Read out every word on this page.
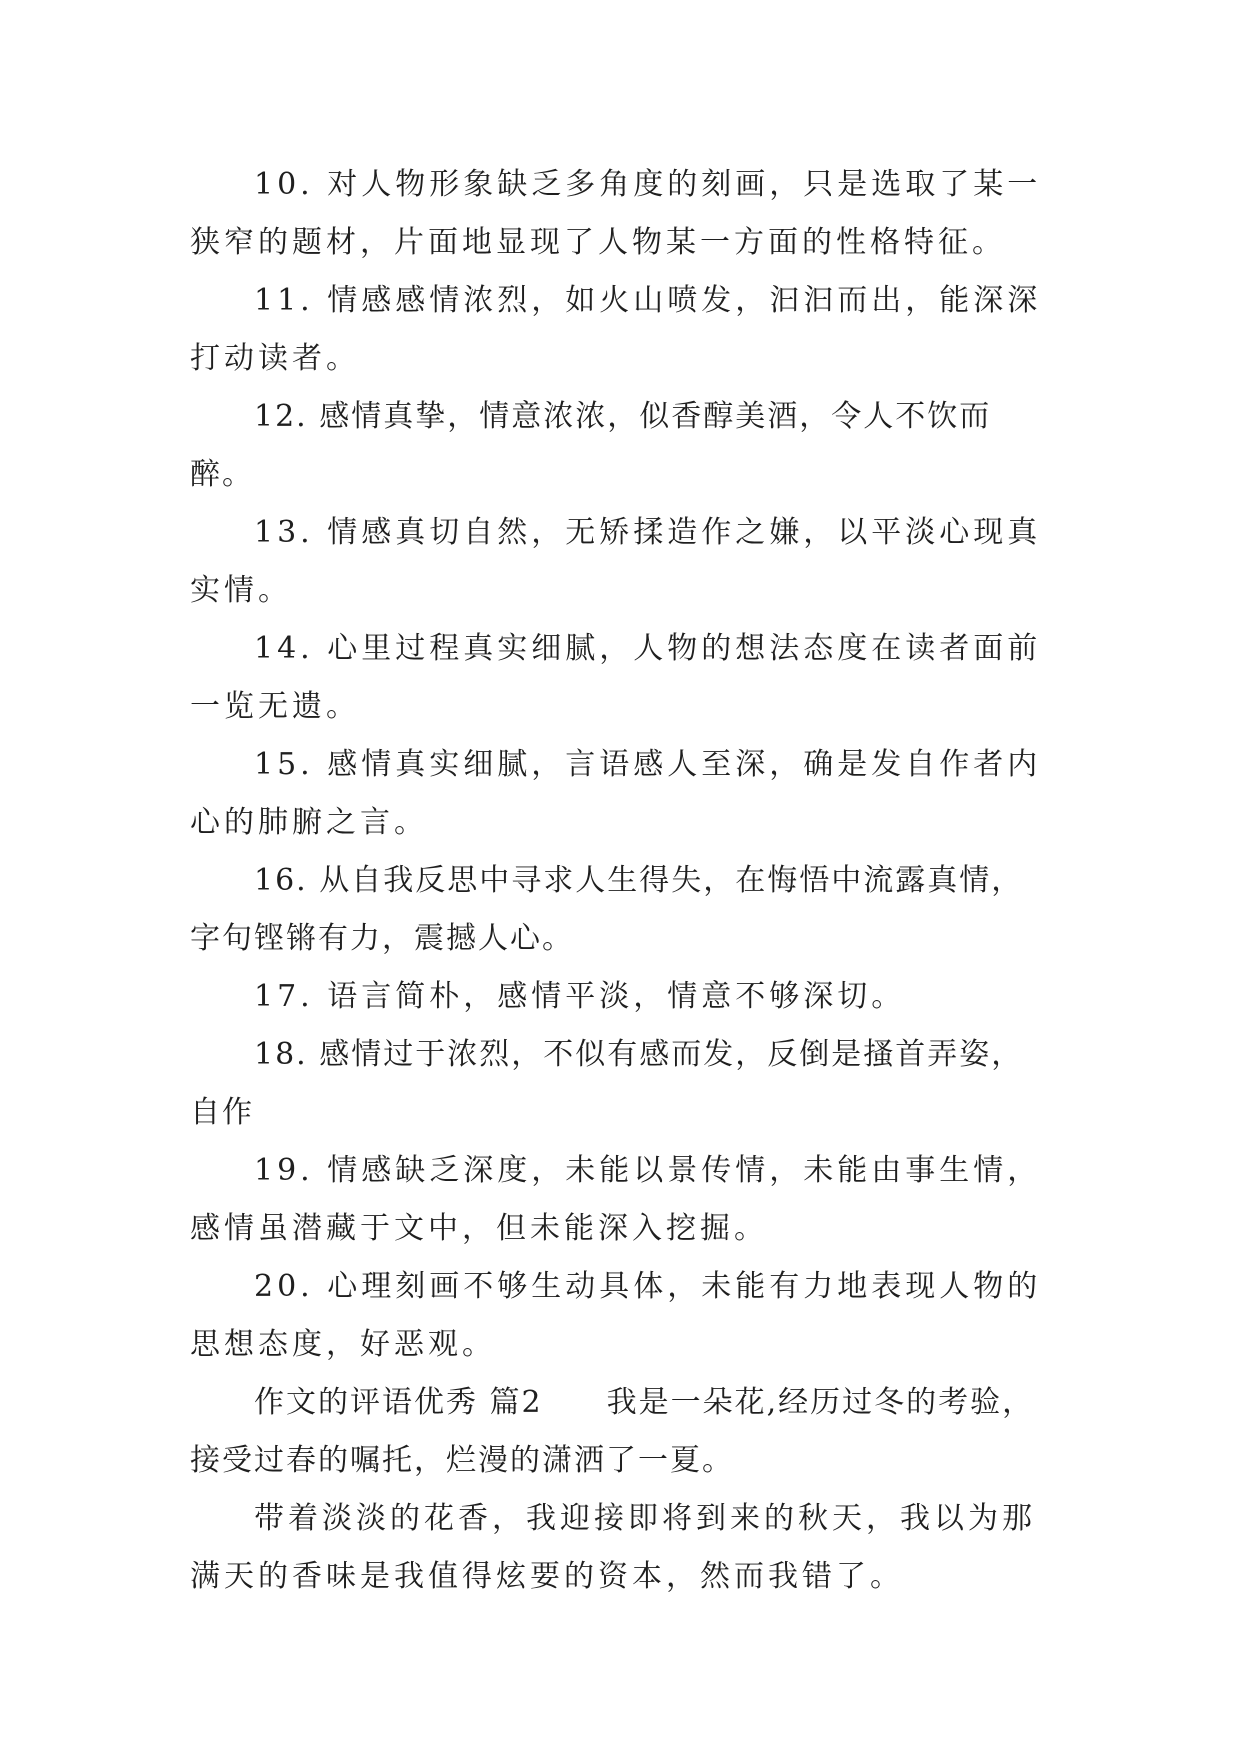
10. 对人物形象缺乏多角度的刻画，只是选取了某一狭窄的题材，片面地显现了人物某一方面的性格特征。

11. 情感感情浓烈，如火山喷发，汩汩而出，能深深打动读者。

12. 感情真挚，情意浓浓，似香醇美酒，令人不饮而醉。

13. 情感真切自然，无矫揉造作之嫌，以平淡心现真实情。

14. 心里过程真实细腻，人物的想法态度在读者面前一览无遗。

15. 感情真实细腻，言语感人至深，确是发自作者内心的肺腑之言。

16. 从自我反思中寻求人生得失，在悔悟中流露真情，字句铿锵有力，震撼人心。

17. 语言简朴，感情平淡，情意不够深切。

18. 感情过于浓烈，不似有感而发，反倒是搔首弄姿，自作

19. 情感缺乏深度，未能以景传情，未能由事生情，感情虽潜藏于文中，但未能深入挖掘。

20. 心理刻画不够生动具体，未能有力地表现人物的思想态度，好恶观。

作文的评语优秀 篇2　　我是一朵花,经历过冬的考验，接受过春的嘱托，烂漫的潇洒了一夏。

带着淡淡的花香，我迎接即将到来的秋天，我以为那满天的香味是我值得炫要的资本，然而我错了。
